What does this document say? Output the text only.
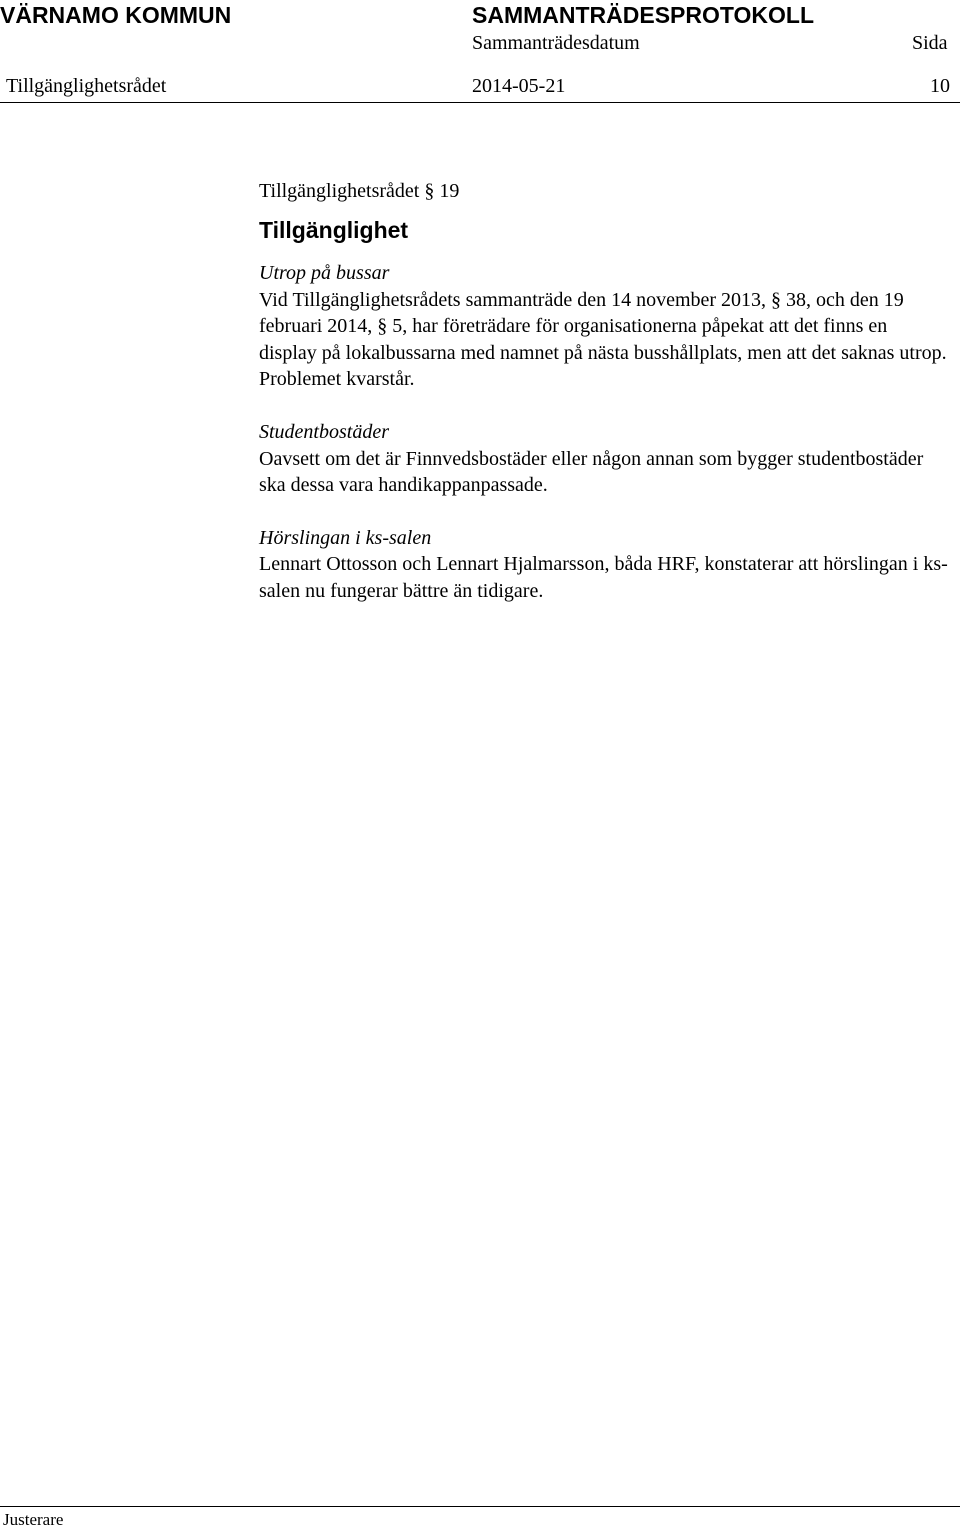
VÄRNAMO KOMMUN	SAMMANTRÄDESPROTOKOLL
Sammanträdesdatum	Sida
Tillgänglighetsrådet	2014-05-21	10

Tillgänglighetsrådet § 19

Tillgänglighet

Utrop på bussar

Vid Tillgänglighetsrådets sammanträde den 14 november 2013, § 38, och den 19 februari 2014, § 5, har företrädare för organisationerna påpekat att det finns en display på lokalbussarna med namnet på nästa busshållplats, men att det saknas utrop. Problemet kvarstår.

Studentbostäder

Oavsett om det är Finnvedsbostäder eller någon annan som bygger studentbostäder ska dessa vara handikappanpassade.

Hörslingan i ks-salen

Lennart Ottosson och Lennart Hjalmarsson, båda HRF, konstaterar att hörslingan i ks-salen nu fungerar bättre än tidigare.

Justerare
